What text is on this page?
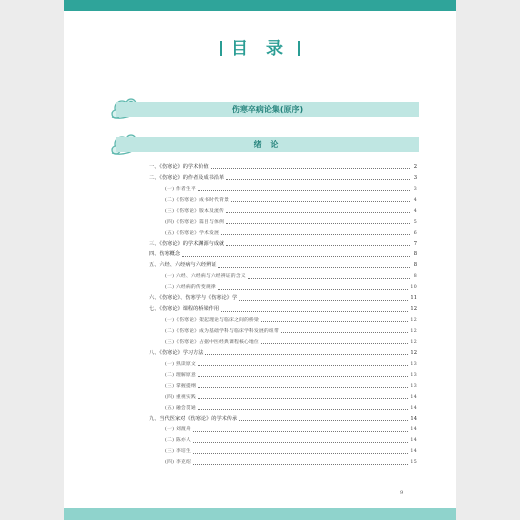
目 录
伤寒卒病论集(原序)
绪 论
一、《伤寒论》的学术价值	2
二、《伤寒论》的作者及成书沿革	3
(一) 作者生平	3
(二)《伤寒论》成书时代背景	4
(三)《伤寒论》版本及流传	4
(四)《伤寒论》篇目与体例	5
(五)《伤寒论》学术发展	6
三、《伤寒论》的学术渊源与成就	7
四、伤寒概念	8
五、六经、六经病与六经辨证	8
(一) 六经、六经病与六经辨证的含义	8
(二) 六经病的传变规律	10
六、《伤寒论》、伤寒学与《伤寒论》学	11
七、《伤寒论》课程的桥梁作用	12
(一)《伤寒论》架起理论与临床之间的桥梁	12
(二)《伤寒论》成为基础学科与临床学科发展的纽带	12
(三)《伤寒论》占据中医经典课程核心地位	12
八、《伤寒论》学习方法	12
(一) 熟读原文	13
(二) 理解原意	13
(三) 掌握提纲	13
(四) 重视实践	14
(五) 融会贯通	14
九、当代医家对《伤寒论》的学术传承	14
(一) 刘渡舟	14
(二) 陈亦人	14
(三) 李培生	14
(四) 李克绍	15
9
